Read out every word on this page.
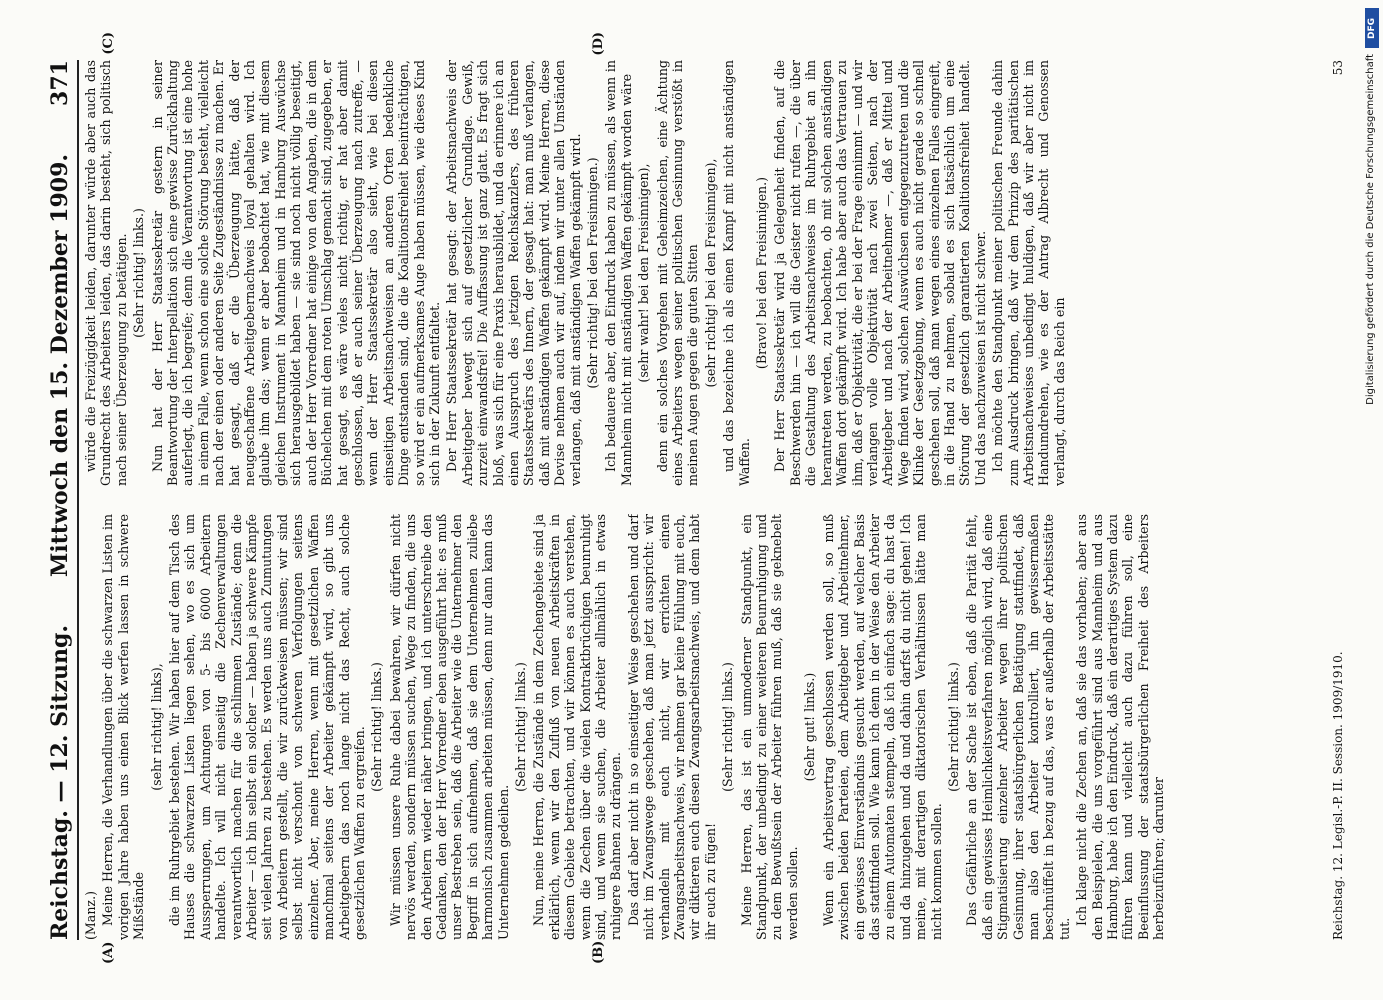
Reichstag. — 12. Sitzung.
Mittwoch den 15. Dezember 1909.
371

(Manz.) Meine Herren, die Verhandlungen über die schwarzen Listen im vorigen Jahre haben uns einen Blick werfen lassen in schwere Mißstände

(sehr richtig! links), die im Ruhrgebiet bestehen. Wir haben hier auf dem Tisch des Hauses die schwarzen Listen liegen sehen, wo es sich um Aussperrungen, um Achtungen von 5- bis 6000 Arbeitern handelte. Ich will nicht einseitig die Zechenverwaltungen verantwortlich machen für die schlimmen Zustände; denn die Arbeiter — ich bin selbst ein solcher — haben ja schwere Kämpfe seit vielen Jahren zu bestehen. Es werden uns auch Zumutungen von Arbeitern gestellt, die wir zurückweisen müssen; wir sind selbst nicht verschont von schweren Verfolgungen seitens einzelner. Aber, meine Herren, wenn mit gesetzlichen Waffen manchmal seitens der Arbeiter gekämpft wird, so gibt uns Arbeitgebern das noch lange nicht das Recht, auch solche gesetzlichen Waffen zu ergreifen. (Sehr richtig! links.) Wir müssen unsere Ruhe dabei bewahren, wir dürfen nicht nervös werden, sondern müssen suchen, Wege zu finden, die uns den Arbeitern wieder näher bringen, und ich unterschreibe den Gedanken, den der Herr Vorredner eben ausgeführt hat: es muß unser Bestreben sein, daß die Arbeiter wie die Unternehmer den Begriff in sich aufnehmen, daß sie dem Unternehmen zuliebe harmonisch zusammen arbeiten müssen, denn nur dann kann das Unternehmen gedeihen.

(Sehr richtig! links.) Nun, meine Herren, die Zustände in dem Zechengebiete sind ja erklärlich, wenn wir den Zufluß von neuen Arbeitskräften in diesem Gebiete betrachten, und wir können es auch verstehen, wenn die Zechen über die vielen Kontraktbrüchigen beunruhigt sind, und wenn sie suchen, die Arbeiter allmählich in etwas ruhigere Bahnen zu drängen. Das darf aber nicht in so einseitiger Weise geschehen und darf nicht im Zwangswege geschehen, daß man jetzt ausspricht: wir verhandeln mit euch nicht, wir errichten einen Zwangsarbeitsnachweis, wir nehmen gar keine Fühlung mit euch, wir diktieren euch diesen Zwangsarbeitsnachweis, und dem habt ihr euch zu fügen!

(Sehr richtig! links.) Meine Herren, das ist ein unmoderner Standpunkt, ein Standpunkt, der unbedingt zu einer weiteren Beunruhigung und zu dem Bewußtsein der Arbeiter führen muß, daß sie geknebelt werden sollen.

(Sehr gut! links.) Wenn ein Arbeitsvertrag geschlossen werden soll, so muß zwischen beiden Parteien, dem Arbeitgeber und Arbeitnehmer, ein gewisses Einverständnis gesucht werden, auf welcher Basis das stattfinden soll. Wie kann ich denn in der Weise den Arbeiter zu einem Automaten stempeln, daß ich einfach sage: du hast da und da hinzugehen und da und dahin darfst du nicht gehen! Ich meine, mit derartigen diktatorischen Verhältnissen hätte man nicht kommen sollen.

(Sehr richtig! links.) Das Gefährliche an der Sache ist eben, daß die Parität fehlt, daß ein gewisses Heimlichkeitsverfahren möglich wird, daß eine Stigmatisierung einzelner Arbeiter wegen ihrer politischen Gesinnung, ihrer staatsbürgerlichen Betätigung stattfindet, daß man also den Arbeiter kontrolliert, ihn gewissermaßen beschnüffelt in bezug auf das, was er außerhalb der Arbeitsstätte tut.

Ich klage nicht die Zechen an, daß sie das vorhaben; aber aus den Beispielen, die uns vorgeführt sind aus Mannheim und aus Hamburg, habe ich den Eindruck, daß ein derartiges System dazu führen kann und vielleicht auch dazu führen soll, eine Beeinflussung der staatsbürgerlichen Freiheit des Arbeiters herbeizuführen; darunter

würde die Freizügigkeit leiden, darunter würde aber auch das Grundrecht des Arbeiters leiden, das darin besteht, sich politisch nach seiner Überzeugung zu betätigen. (Sehr richtig! links.) Nun hat der Herr Staatssekretär gestern in seiner Beantwortung der Interpellation sich eine gewisse Zurückhaltung auferlegt, die ich begreife; denn die Verantwortung ist eine hohe in einem Falle, wenn schon eine solche Störung besteht, vielleicht nach der einen oder anderen Seite Zugeständnisse zu machen. Er hat gesagt, daß er die Überzeugung hätte, daß der neugeschaffene Arbeitgebernachweis loyal gehalten wird. Ich glaube ihm das; wenn er aber beobachtet hat, wie mit diesem gleichen Instrument in Mannheim und in Hamburg Auswüchse sich herausgebildet haben — sie sind noch nicht völlig beseitigt, auch der Herr Vorredner hat einige von den Angaben, die in dem Büchelchen mit dem roten Umschlag gemacht sind, zugegeben, er hat gesagt, es wäre vieles nicht richtig, er hat aber damit geschlossen, daß er auch seiner Überzeugung nach zutreffe, — wenn der Herr Staatssekretär also sieht, wie bei diesen einseitigen Arbeitsnachweisen an anderen Orten bedenkliche Dinge entstanden sind, die die Koalitionsfreiheit beeinträchtigen, so wird er ein aufmerksames Auge haben müssen, wie dieses Kind sich in der Zukunft entfaltet. Der Herr Staatssekretär hat gesagt: der Arbeitsnachweis der Arbeitgeber bewegt sich auf gesetzlicher Grundlage. Gewiß, zurzeit einwandsfrei! Die Auffassung ist ganz glatt. Es fragt sich bloß, was sich für eine Praxis herausbildet, und da erinnere ich an einen Ausspruch des jetzigen Reichskanzlers, des früheren Staatssekretärs des Innern, der gesagt hat: man muß verlangen, daß mit anständigen Waffen gekämpft wird. Meine Herren, diese Devise nehmen auch wir auf, indem wir unter allen Umständen verlangen, daß mit anständigen Waffen gekämpft wird. (Sehr richtig! bei den Freisinnigen.) Ich bedauere aber, den Eindruck haben zu müssen, als wenn in Mannheim nicht mit anständigen Waffen gekämpft worden wäre (sehr wahr! bei den Freisinnigen), denn ein solches Vorgehen mit Geheimzeichen, eine Ächtung eines Arbeiters wegen seiner politischen Gesinnung verstößt in meinen Augen gegen die guten Sitten (sehr richtig! bei den Freisinnigen), und das bezeichne ich als einen Kampf mit nicht anständigen Waffen.

(Bravo! bei den Freisinnigen.) Der Herr Staatssekretär wird ja Gelegenheit finden, auf die Beschwerden hin — ich will die Geister nicht rufen —, die über die Gestaltung des Arbeitsnachweises im Ruhrgebiet an ihn herantreten werden, zu beobachten, ob mit solchen anständigen Waffen dort gekämpft wird. Ich habe aber auch das Vertrauen zu ihm, daß er Objektivität, die er bei der Frage einnimmt — und wir verlangen volle Objektivität nach zwei Seiten, nach der Arbeitgeber und nach der Arbeitnehmer —, daß er Mittel und Wege finden wird, solchen Auswüchsen entgegenzutreten und die Klinke der Gesetzgebung, wenn es auch nicht gerade so schnell geschehen soll, daß man wegen eines einzelnen Falles eingreift, in die Hand zu nehmen, sobald es sich tatsächlich um eine Störung der gesetzlich garantierten Koalitionsfreiheit handelt. Und das nachzuweisen ist nicht schwer. Ich möchte den Standpunkt meiner politischen Freunde dahin zum Ausdruck bringen, daß wir dem Prinzip des paritätischen Arbeitsnachweises unbedingt huldigen, daß wir aber nicht im Handumdrehen, wie es der Antrag Albrecht und Genossen verlangt, durch das Reich ein

(A)	(B)
(C)	(D)
Reichstag. 12. Legisl.-P. II. Session. 1909/1910.
53
DFG
Digitalisierung gefördert durch die Deutsche Forschungsgemeinschaft
